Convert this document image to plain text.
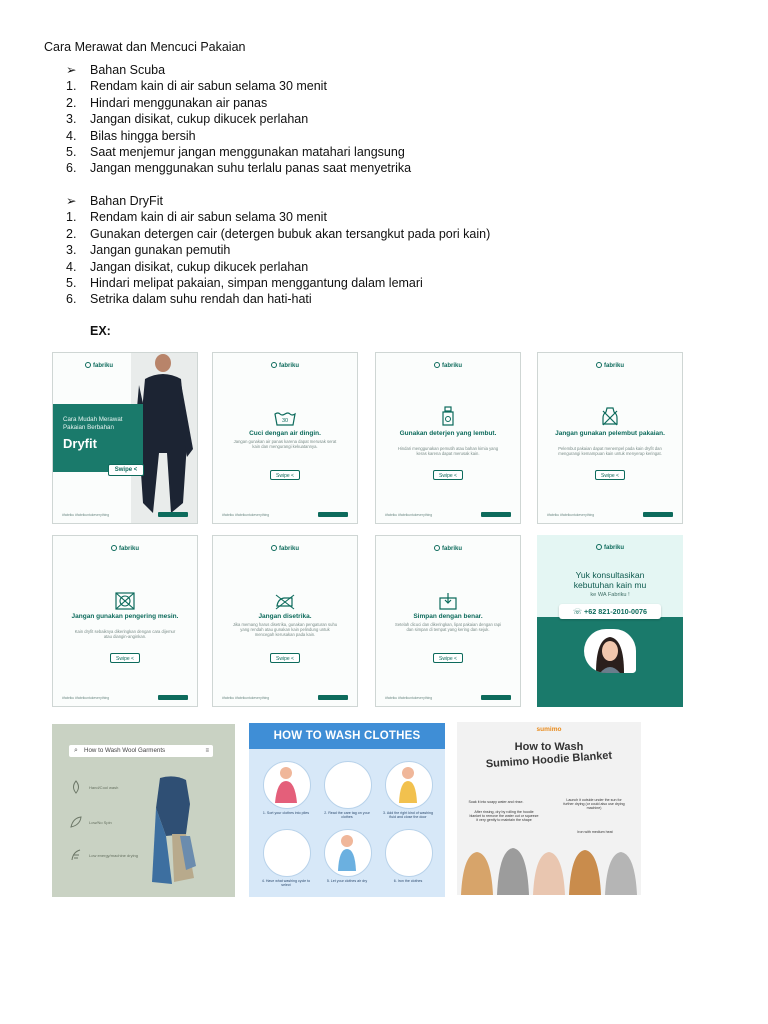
Cara Merawat dan Mencuci Pakaian
➢	Bahan Scuba
1.	Rendam kain di air sabun selama 30 menit
2.	Hindari menggunakan air panas
3.	Jangan disikat, cukup dikucek perlahan
4.	Bilas hingga bersih
5.	Saat menjemur jangan menggunakan matahari langsung
6.	Jangan menggunakan suhu terlalu panas saat menyetrika
➢	Bahan DryFit
1.	Rendam kain di air sabun selama 30 menit
2.	Gunakan detergen cair (detergen bubuk akan tersangkut pada pori kain)
3.	Jangan gunakan pemutih
4.	Jangan disikat, cukup dikucek perlahan
5.	Hindari melipat pakaian, simpan menggantung dalam lemari
6.	Setrika dalam suhu rendah dan hati-hati
EX:
fabriku
Cara Mudah Merawat
Pakaian Berbahan
Dryfit
Swipe <
#fabriku #fabrikuntukeverything
fabriku
30
Cuci dengan air dingin.
Jangan gunakan air panas karena dapat merusak serat kain dan mengurangi kekuatannya.
Swipe <
#fabriku #fabrikuntukeverything
fabriku
Gunakan deterjen yang lembut.
Hindari menggunakan pemutih atau bahan kimia yang keras karena dapat merusak kain.
Swipe <
#fabriku #fabrikuntukeverything
fabriku
Jangan gunakan pelembut pakaian.
Pelembut pakaian dapat menempel pada kain dryfit dan mengurangi kemampuan kain untuk menyerap keringat.
Swipe <
#fabriku #fabrikuntukeverything
fabriku
Jangan gunakan pengering mesin.
Kain dryfit sebaiknya dikeringkan dengan cara dijemur atau diangin-anginkan.
Swipe <
#fabriku #fabrikuntukeverything
fabriku
Jangan disetrika.
Jika memang harus disetrika, gunakan pengaturan suhu yang rendah atau gunakan kain pelindung untuk mencegah kerusakan pada kain.
Swipe <
#fabriku #fabrikuntukeverything
fabriku
Simpan dengan benar.
Setelah dicuci dan dikeringkan, lipat pakaian dengan rapi dan simpan di tempat yang kering dan sejuk.
Swipe <
#fabriku #fabrikuntukeverything
fabriku
Yuk konsultasikan
kebutuhan kain mu
ke WA Fabriku !
☏ +62 821-2010-0076
⌕ How to Wash Wool Garments	≡
Hand/Cool wash
Low/No Spin
Low energy/machine drying
HOW TO WASH CLOTHES
1. Sort your clothes into piles	2. Read the care tag on your clothes
3. Add the right kind of washing fluid and close the door
4. Have what washing cycle to select
5. Let your clothes air dry	6. Iron the clothes
sumimo
How to Wash
Sumimo Hoodie Blanket
Soak it into soapy water and rinse.	Launch it outside under the sun for further drying (or could also use drying machine)
After rinsing, dry by rolling the hoodie blanket to remove the water out or squeeze it very gently to maintain the shape
Iron with medium heat
